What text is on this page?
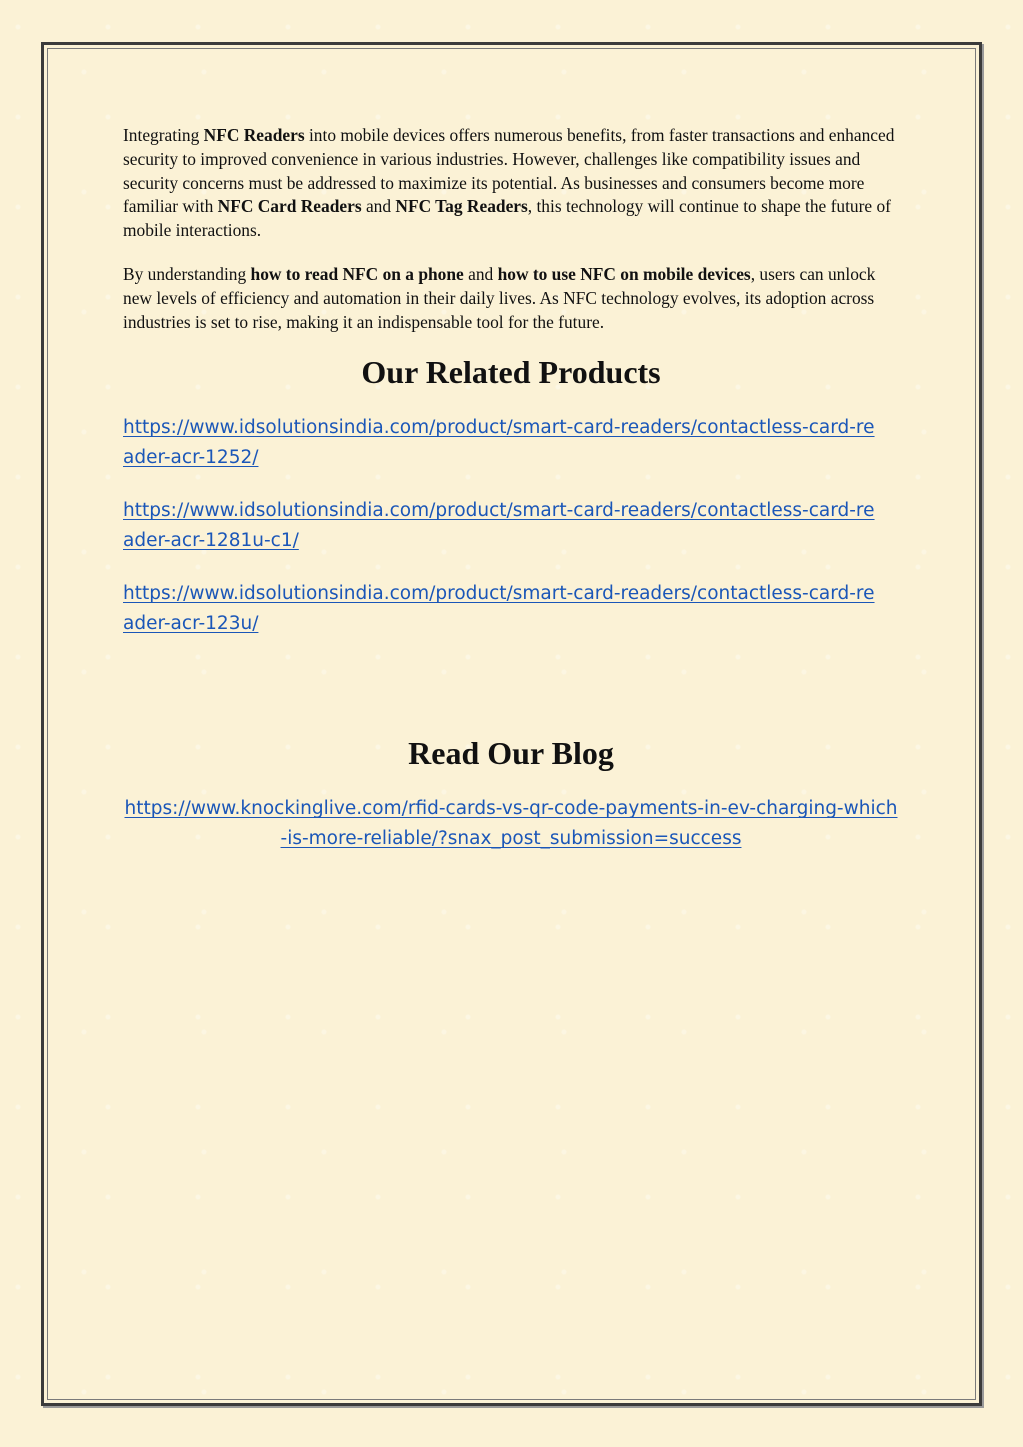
Integrating NFC Readers into mobile devices offers numerous benefits, from faster transactions and enhanced security to improved convenience in various industries. However, challenges like compatibility issues and security concerns must be addressed to maximize its potential. As businesses and consumers become more familiar with NFC Card Readers and NFC Tag Readers, this technology will continue to shape the future of mobile interactions.

By understanding how to read NFC on a phone and how to use NFC on mobile devices, users can unlock new levels of efficiency and automation in their daily lives. As NFC technology evolves, its adoption across industries is set to rise, making it an indispensable tool for the future.

Our Related Products
https://www.idsolutionsindia.com/product/smart-card-readers/contactless-card-reader-acr-1252/
https://www.idsolutionsindia.com/product/smart-card-readers/contactless-card-reader-acr-1281u-c1/
https://www.idsolutionsindia.com/product/smart-card-readers/contactless-card-reader-acr-123u/
Read Our Blog
https://www.knockinglive.com/rfid-cards-vs-qr-code-payments-in-ev-charging-which-is-more-reliable/?snax_post_submission=success
